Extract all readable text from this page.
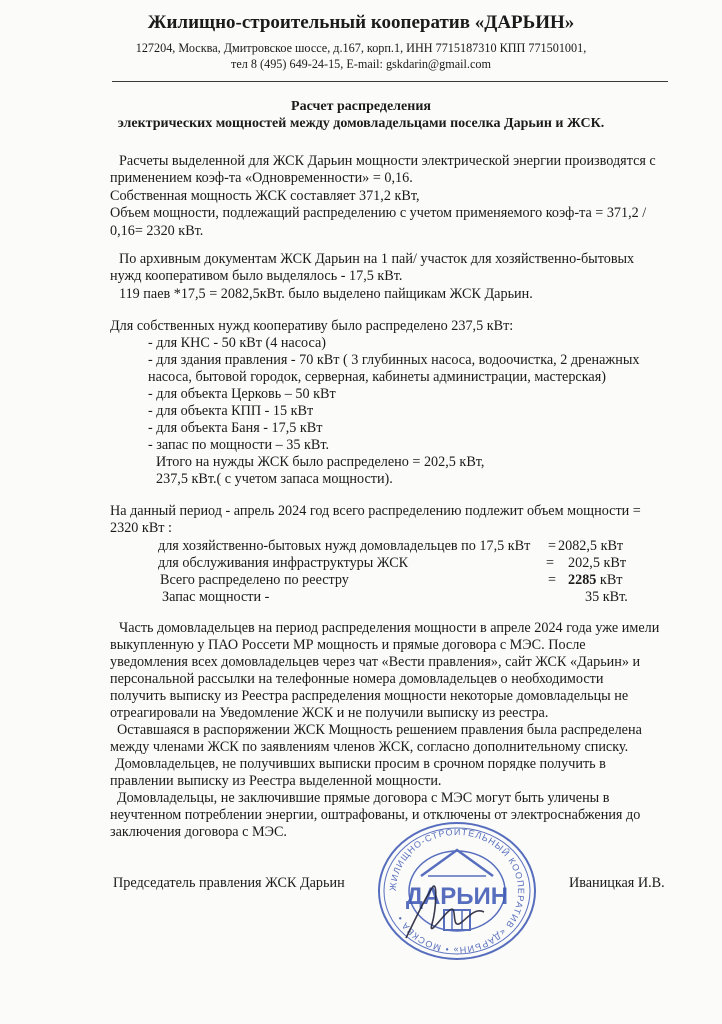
Жилищно-строительный кооператив «ДАРЬИН»
127204, Москва, Дмитровское шоссе, д.167, корп.1, ИНН 7715187310 КПП 771501001,
тел 8 (495) 649-24-15, E-mail: gskdarin@gmail.com
Расчет распределения
электрических мощностей между домовладельцами поселка Дарьин и ЖСК.
Расчеты выделенной для ЖСК Дарьин мощности электрической энергии производятся с
применением коэф-та «Одновременности» = 0,16.
Собственная мощность ЖСК составляет 371,2 кВт,
Объем мощности, подлежащий распределению с учетом применяемого коэф-та = 371,2 /
0,16= 2320 кВт.
По архивным документам ЖСК Дарьин на 1 пай/ участок для хозяйственно-бытовых
нужд кооперативом было выделялось - 17,5 кВт.
119 паев *17,5 = 2082,5кВт. было выделено пайщикам ЖСК Дарьин.
Для собственных нужд кооперативу было распределено 237,5 кВт:
- для КНС - 50 кВт (4 насоса)
- для здания правления - 70 кВт ( 3 глубинных насоса, водоочистка, 2 дренажных
насоса, бытовой городок, серверная, кабинеты администрации, мастерская)
- для объекта Церковь – 50 кВт
- для объекта КПП - 15 кВт
- для объекта Баня - 17,5 кВт
- запас по мощности – 35 кВт.
Итого на нужды ЖСК было распределено = 202,5 кВт,
237,5 кВт.( с учетом запаса мощности).
На данный период - апрель 2024 год всего распределению подлежит объем мощности =
2320 кВт :
для хозяйственно-бытовых нужд домовладельцев по 17,5 кВт = 2082,5 кВт
для обслуживания инфраструктуры ЖСК	= 202,5 кВт
Всего распределено по реестру	= 2285 кВт
Запас мощности -	35 кВт.
Часть домовладельцев на период распределения мощности в апреле 2024 года уже имели
выкупленную у ПАО Россети МР мощность и прямые договора с МЭС. После
уведомления всех домовладельцев через чат «Вести правления», сайт ЖСК «Дарьин» и
персональной рассылки на телефонные номера домовладельцев о необходимости
получить выписку из Реестра распределения мощности некоторые домовладельцы не
отреагировали на Уведомление ЖСК и не получили выписку из реестра.
Оставшаяся в распоряжении ЖСК Мощность решением правления была распределена
между членами ЖСК по заявлениям членов ЖСК, согласно дополнительному списку.
Домовладельцев, не получивших выписки просим в срочном порядке получить в
правлении выписку из Реестра выделенной мощности.
Домовладельцы, не заключившие прямые договора с МЭС могут быть уличены в
неучтенном потреблении энергии, оштрафованы, и отключены от электроснабжения до
заключения договора с МЭС.
Председатель правления ЖСК Дарьин	Иваницкая И.В.
ЖИЛИЩНО-СТРОИТЕЛЬНЫЙ КООПЕРАТИВ «ДАРЬИН» • МОСКВА •
ДАРЬИН
